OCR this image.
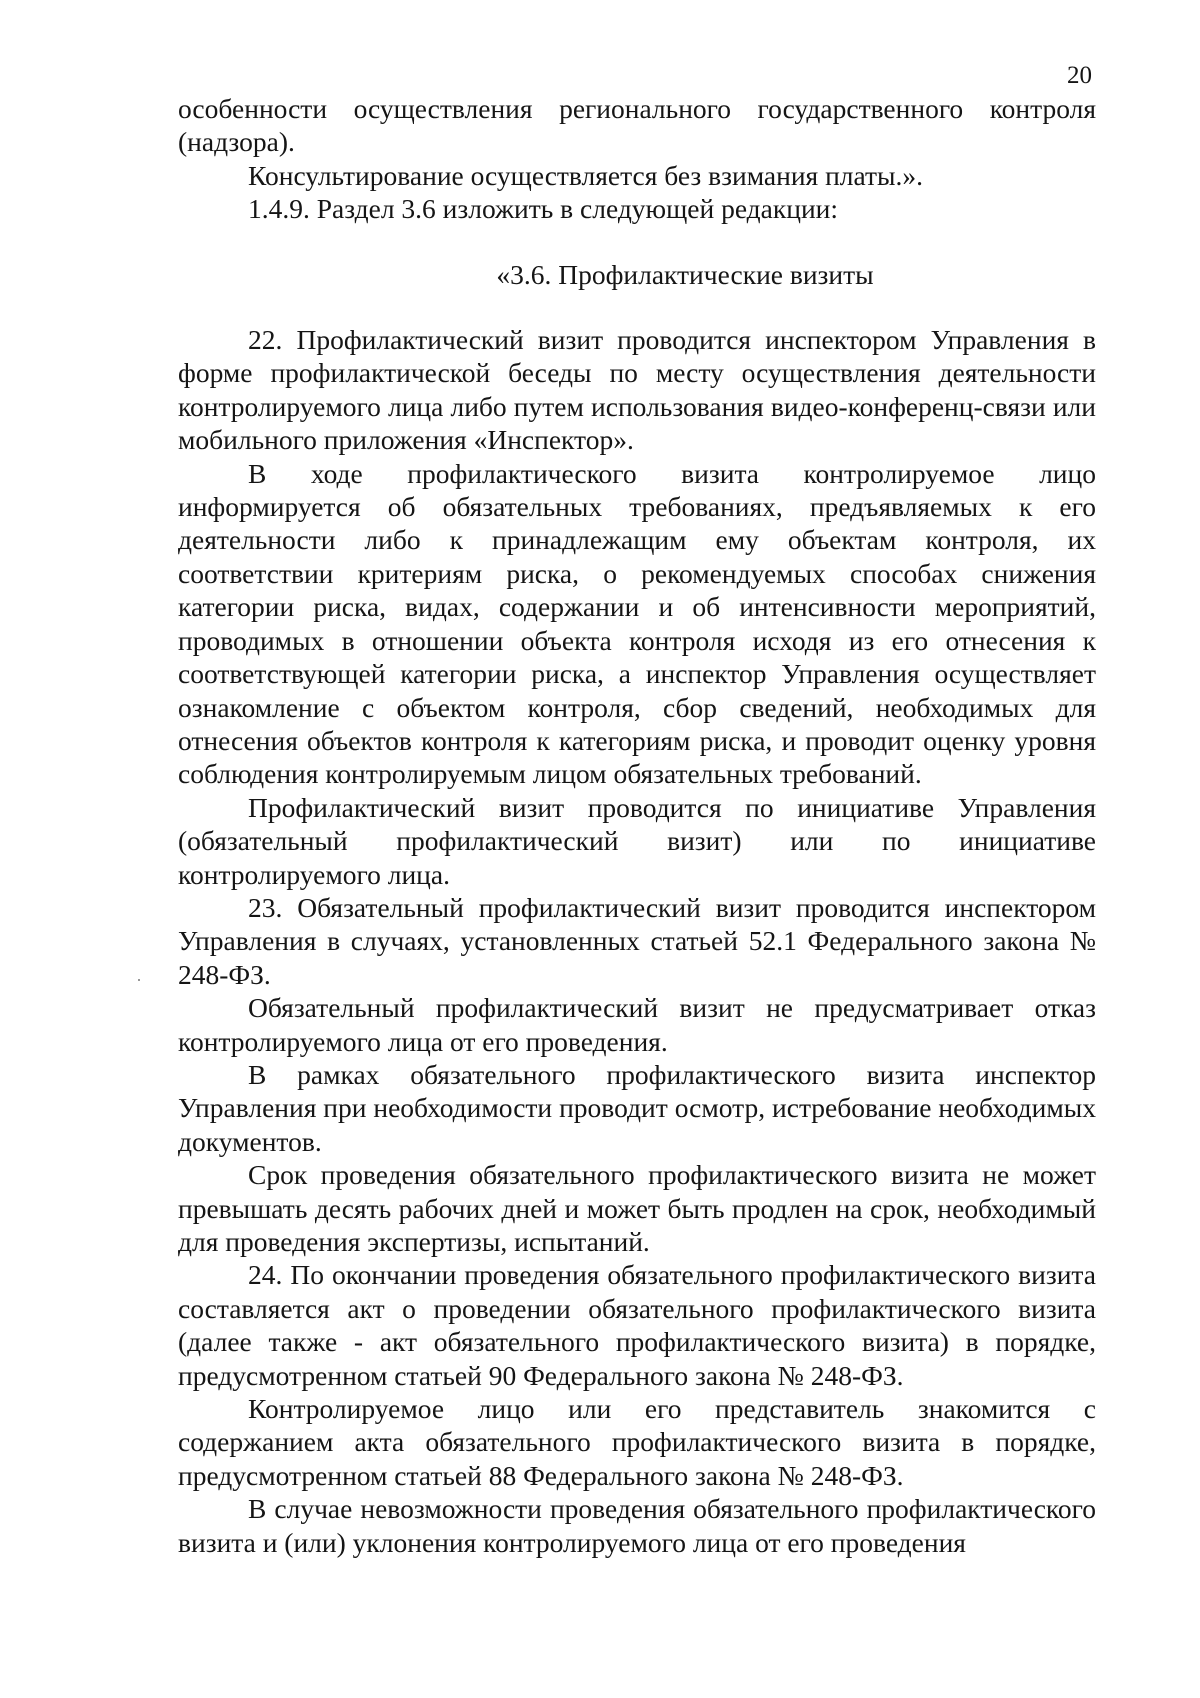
20

особенности осуществления регионального государственного контроля (надзора).

Консультирование осуществляется без взимания платы.».

1.4.9. Раздел 3.6 изложить в следующей редакции:

«3.6. Профилактические визиты

22. Профилактический визит проводится инспектором Управления в форме профилактической беседы по месту осуществления деятельности контролируемого лица либо путем использования видео-конференц-связи или мобильного приложения «Инспектор».

В ходе профилактического визита контролируемое лицо информируется об обязательных требованиях, предъявляемых к его деятельности либо к принадлежащим ему объектам контроля, их соответствии критериям риска, о рекомендуемых способах снижения категории риска, видах, содержании и об интенсивности мероприятий, проводимых в отношении объекта контроля исходя из его отнесения к соответствующей категории риска, а инспектор Управления осуществляет ознакомление с объектом контроля, сбор сведений, необходимых для отнесения объектов контроля к категориям риска, и проводит оценку уровня соблюдения контролируемым лицом обязательных требований.

Профилактический визит проводится по инициативе Управления (обязательный профилактический визит) или по инициативе контролируемого лица.

23. Обязательный профилактический визит проводится инспектором Управления в случаях, установленных статьей 52.1 Федерального закона № 248-ФЗ.

Обязательный профилактический визит не предусматривает отказ контролируемого лица от его проведения.

В рамках обязательного профилактического визита инспектор Управления при необходимости проводит осмотр, истребование необходимых документов.

Срок проведения обязательного профилактического визита не может превышать десять рабочих дней и может быть продлен на срок, необходимый для проведения экспертизы, испытаний.

24. По окончании проведения обязательного профилактического визита составляется акт о проведении обязательного профилактического визита (далее также - акт обязательного профилактического визита) в порядке, предусмотренном статьей 90 Федерального закона № 248-ФЗ.

Контролируемое лицо или его представитель знакомится с содержанием акта обязательного профилактического визита в порядке, предусмотренном статьей 88 Федерального закона № 248-ФЗ.

В случае невозможности проведения обязательного профилактического визита и (или) уклонения контролируемого лица от его проведения
